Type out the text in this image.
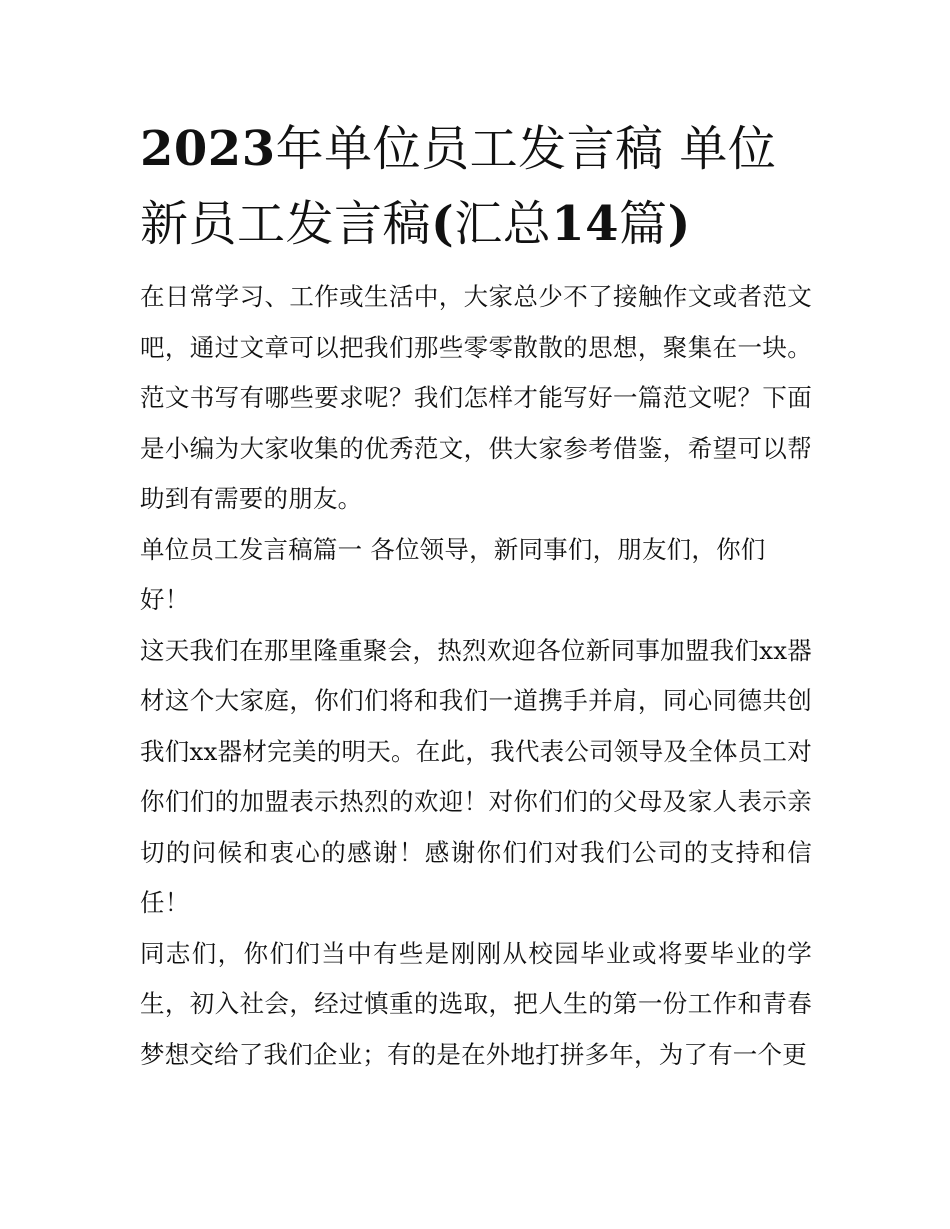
2023年单位员工发言稿 单位
新员工发言稿(汇总14篇)

在日常学习、工作或生活中，大家总少不了接触作文或者范文吧，通过文章可以把我们那些零零散散的思想，聚集在一块。范文书写有哪些要求呢？我们怎样才能写好一篇范文呢？下面是小编为大家收集的优秀范文，供大家参考借鉴，希望可以帮助到有需要的朋友。

单位员工发言稿篇一 各位领导，新同事们，朋友们，你们

好！

这天我们在那里隆重聚会，热烈欢迎各位新同事加盟我们xx器材这个大家庭，你们们将和我们一道携手并肩，同心同德共创我们xx器材完美的明天。在此，我代表公司领导及全体员工对你们们的加盟表示热烈的欢迎！对你们们的父母及家人表示亲切的问候和衷心的感谢！感谢你们们对我们公司的支持和信任！

同志们，你们们当中有些是刚刚从校园毕业或将要毕业的学生，初入社会，经过慎重的选取，把人生的第一份工作和青春梦想交给了我们企业；有的是在外地打拼多年，为了有一个更
